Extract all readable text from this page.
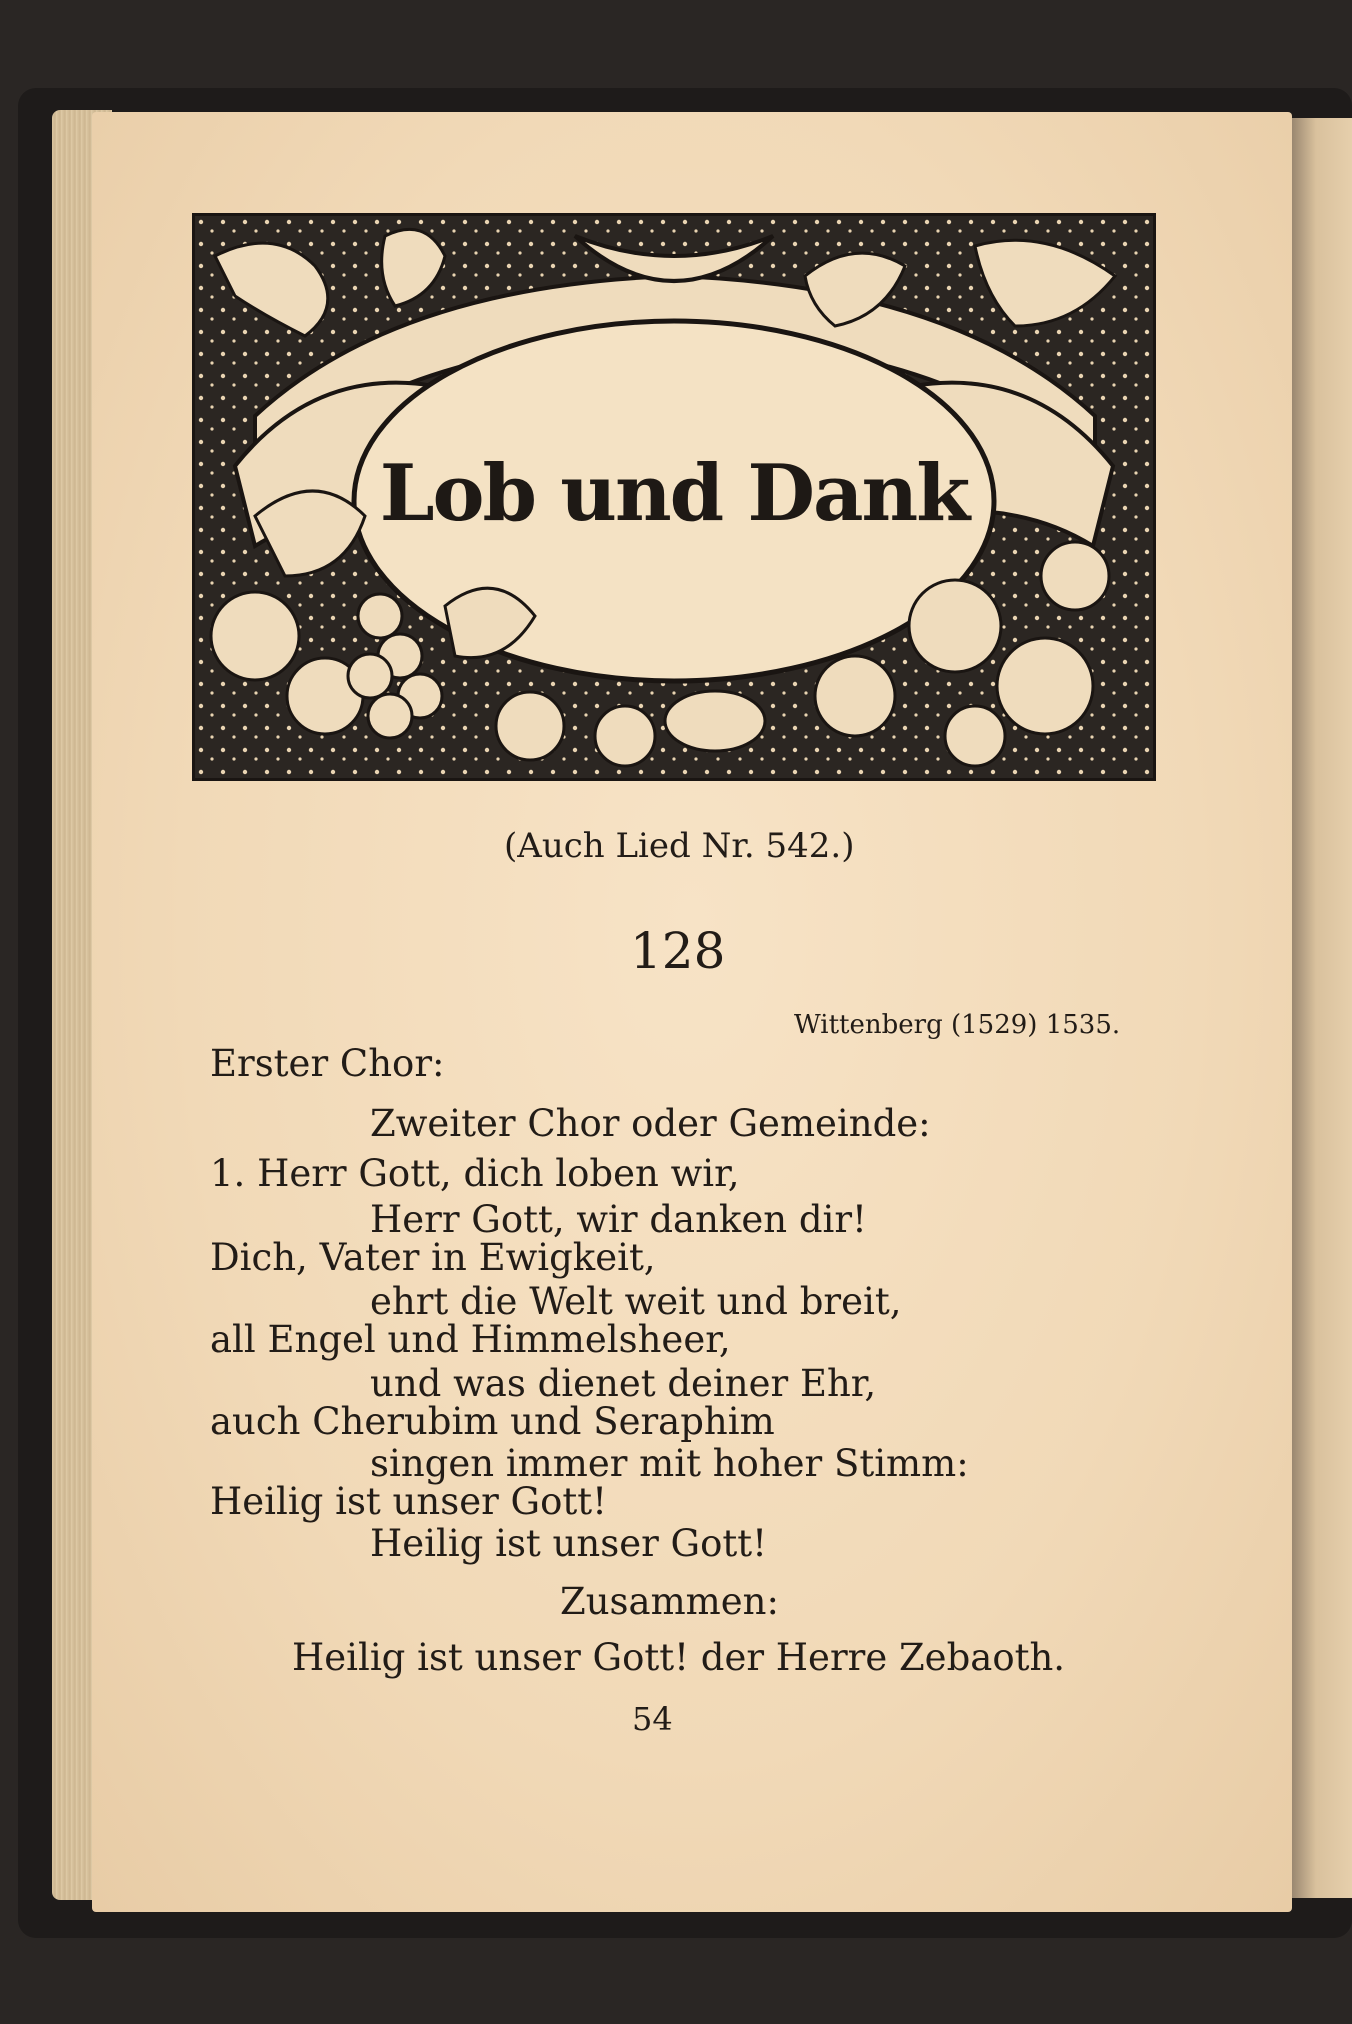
Lob und Dank
(Auch Lied Nr. 542.)
128
Wittenberg (1529) 1535.
Erster Chor:
Zweiter Chor oder Gemeinde:
1. Herr Gott, dich loben wir,
Herr Gott, wir danken dir!
Dich, Vater in Ewigkeit,
ehrt die Welt weit und breit,
all Engel und Himmelsheer,
und was dienet deiner Ehr,
auch Cherubim und Seraphim
singen immer mit hoher Stimm:
Heilig ist unser Gott!
Heilig ist unser Gott!
Zusammen:
Heilig ist unser Gott! der Herre Zebaoth.
54
